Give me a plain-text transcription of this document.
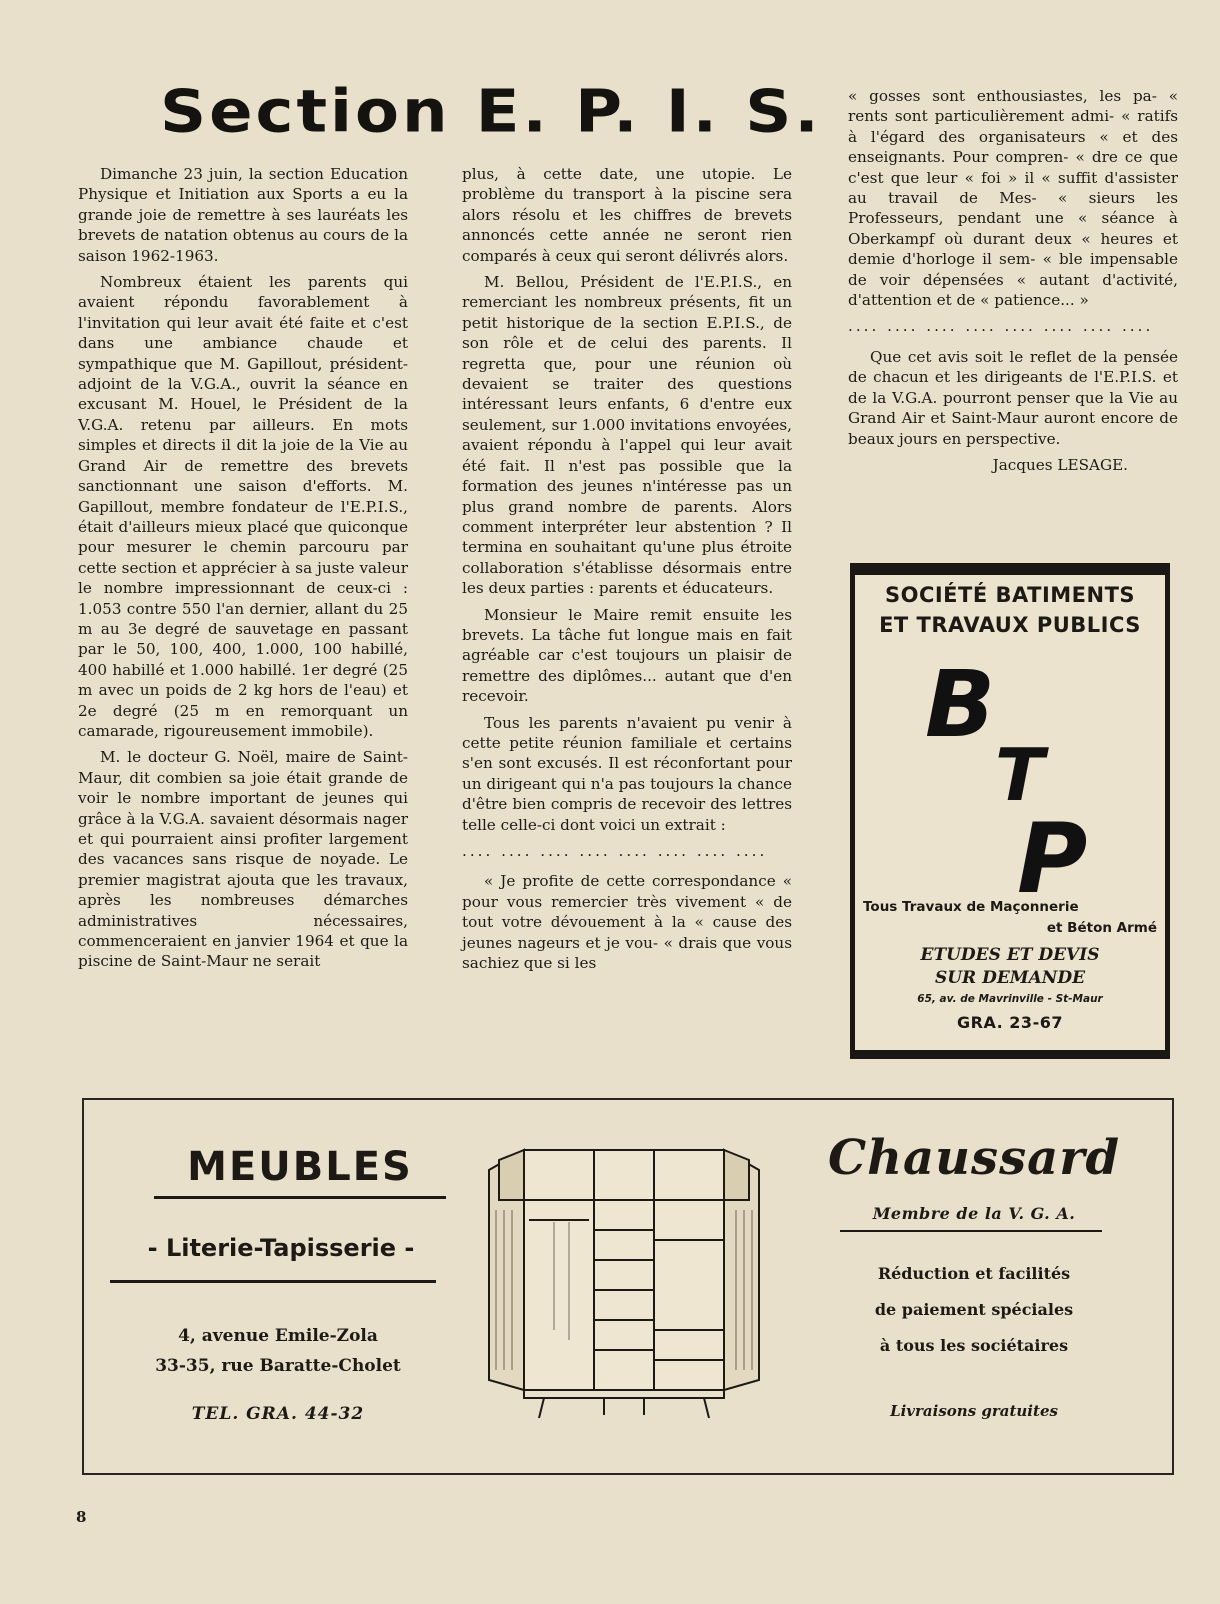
Section E. P. I. S.

Dimanche 23 juin, la section Education Physique et Initiation aux Sports a eu la grande joie de remettre à ses lauréats les brevets de natation obtenus au cours de la saison 1962-1963.

Nombreux étaient les parents qui avaient répondu favorablement à l'invitation qui leur avait été faite et c'est dans une ambiance chaude et sympathique que M. Gapillout, président-adjoint de la V.G.A., ouvrit la séance en excusant M. Houel, le Président de la V.G.A. retenu par ailleurs. En mots simples et directs il dit la joie de la Vie au Grand Air de remettre des brevets sanctionnant une saison d'efforts. M. Gapillout, membre fondateur de l'E.P.I.S., était d'ailleurs mieux placé que quiconque pour mesurer le chemin parcouru par cette section et apprécier à sa juste valeur le nombre impressionnant de ceux-ci : 1.053 contre 550 l'an dernier, allant du 25 m au 3e degré de sauvetage en passant par le 50, 100, 400, 1.000, 100 habillé, 400 habillé et 1.000 habillé. 1er degré (25 m avec un poids de 2 kg hors de l'eau) et 2e degré (25 m en remorquant un camarade, rigoureusement immobile).

M. le docteur G. Noël, maire de Saint-Maur, dit combien sa joie était grande de voir le nombre important de jeunes qui grâce à la V.G.A. savaient désormais nager et qui pourraient ainsi profiter largement des vacances sans risque de noyade. Le premier magistrat ajouta que les travaux, après les nombreuses démarches administratives nécessaires, commenceraient en janvier 1964 et que la piscine de Saint-Maur ne serait

plus, à cette date, une utopie. Le problème du transport à la piscine sera alors résolu et les chiffres de brevets annoncés cette année ne seront rien comparés à ceux qui seront délivrés alors.

M. Bellou, Président de l'E.P.I.S., en remerciant les nombreux présents, fit un petit historique de la section E.P.I.S., de son rôle et de celui des parents. Il regretta que, pour une réunion où devaient se traiter des questions intéressant leurs enfants, 6 d'entre eux seulement, sur 1.000 invitations envoyées, avaient répondu à l'appel qui leur avait été fait. Il n'est pas possible que la formation des jeunes n'intéresse pas un plus grand nombre de parents. Alors comment interpréter leur abstention ? Il termina en souhaitant qu'une plus étroite collaboration s'établisse désormais entre les deux parties : parents et éducateurs.

Monsieur le Maire remit ensuite les brevets. La tâche fut longue mais en fait agréable car c'est toujours un plaisir de remettre des diplômes... autant que d'en recevoir.

Tous les parents n'avaient pu venir à cette petite réunion familiale et certains s'en sont excusés. Il est réconfortant pour un dirigeant qui n'a pas toujours la chance d'être bien compris de recevoir des lettres telle celle-ci dont voici un extrait :

.... .... .... .... .... .... .... ....

« Je profite de cette correspondance « pour vous remercier très vivement « de tout votre dévouement à la « cause des jeunes nageurs et je vou- « drais que vous sachiez que si les

« gosses sont enthousiastes, les pa- « rents sont particulièrement admi- « ratifs à l'égard des organisateurs « et des enseignants. Pour compren- « dre ce que c'est que leur « foi » il « suffit d'assister au travail de Mes- « sieurs les Professeurs, pendant une « séance à Oberkampf où durant deux « heures et demie d'horloge il sem- « ble impensable de voir dépensées « autant d'activité, d'attention et de « patience... »

.... .... .... .... .... .... .... ....

Que cet avis soit le reflet de la pensée de chacun et les dirigeants de l'E.P.I.S. et de la V.G.A. pourront penser que la Vie au Grand Air et Saint-Maur auront encore de beaux jours en perspective.

Jacques LESAGE.

SOCIÉTÉ BATIMENTS
ET TRAVAUX PUBLICS
B
T
P
Tous Travaux de Maçonnerie
et Béton Armé
ETUDES ET DEVIS
SUR DEMANDE
65, av. de Mavrinville - St-Maur
GRA. 23-67
MEUBLES
- Literie-Tapisserie -
4, avenue Emile-Zola
33-35, rue Baratte-Cholet
TEL. GRA. 44-32
Chaussard
Membre de la V. G. A.
Réduction et facilités
de paiement spéciales
à tous les sociétaires
Livraisons gratuites
8
